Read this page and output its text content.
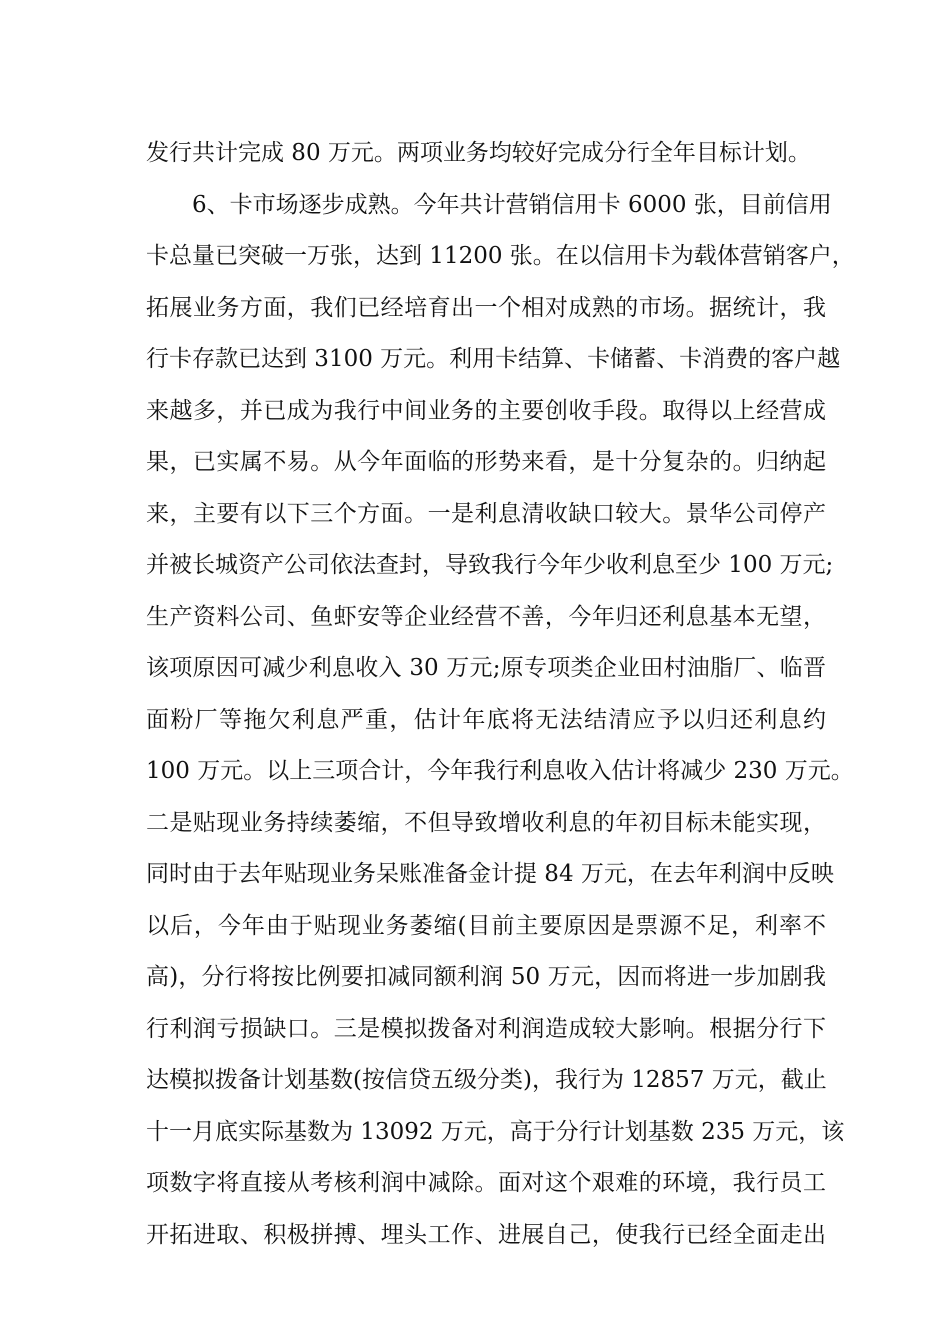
发行共计完成 80 万元。两项业务均较好完成分行全年目标计划。
6、卡市场逐步成熟。今年共计营销信用卡 6000 张，目前信用
卡总量已突破一万张，达到 11200 张。在以信用卡为载体营销客户，
拓展业务方面，我们已经培育出一个相对成熟的市场。据统计，我
行卡存款已达到 3100 万元。利用卡结算、卡储蓄、卡消费的客户越
来越多，并已成为我行中间业务的主要创收手段。取得以上经营成
果，已实属不易。从今年面临的形势来看，是十分复杂的。归纳起
来，主要有以下三个方面。一是利息清收缺口较大。景华公司停产
并被长城资产公司依法查封，导致我行今年少收利息至少 100 万元;
生产资料公司、鱼虾安等企业经营不善，今年归还利息基本无望，
该项原因可减少利息收入 30 万元;原专项类企业田村油脂厂、临晋
面粉厂等拖欠利息严重，估计年底将无法结清应予以归还利息约
100 万元。以上三项合计，今年我行利息收入估计将减少 230 万元。
二是贴现业务持续萎缩，不但导致增收利息的年初目标未能实现，
同时由于去年贴现业务呆账准备金计提 84 万元，在去年利润中反映
以后，今年由于贴现业务萎缩(目前主要原因是票源不足，利率不
高)，分行将按比例要扣减同额利润 50 万元，因而将进一步加剧我
行利润亏损缺口。三是模拟拨备对利润造成较大影响。根据分行下
达模拟拨备计划基数(按信贷五级分类)，我行为 12857 万元，截止
十一月底实际基数为 13092 万元，高于分行计划基数 235 万元，该
项数字将直接从考核利润中减除。面对这个艰难的环境，我行员工
开拓进取、积极拼搏、埋头工作、进展自己，使我行已经全面走出
